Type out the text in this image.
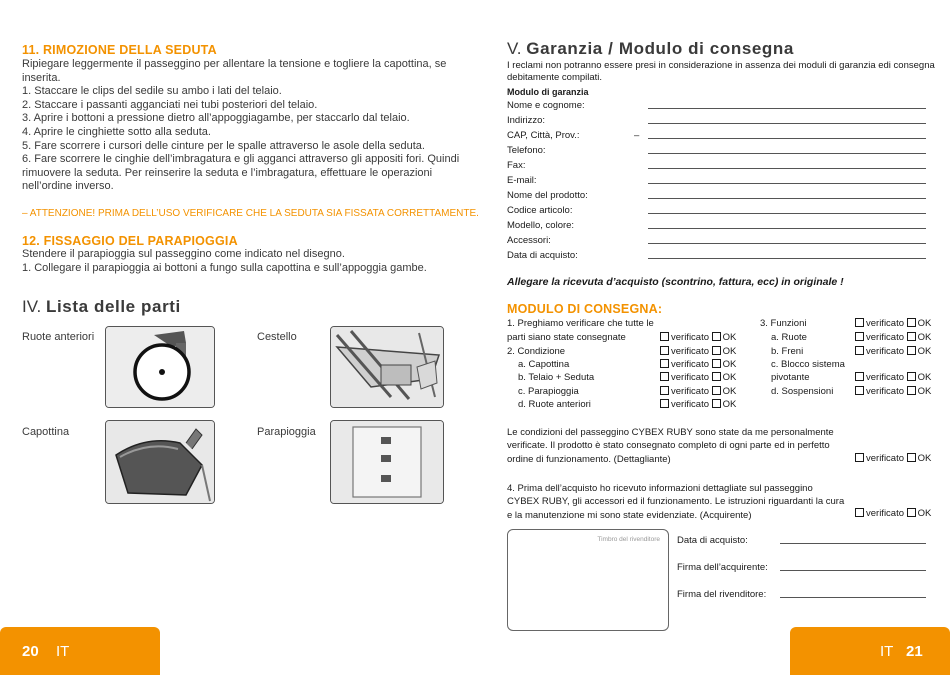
11. RIMOZIONE DELLA SEDUTA
Ripiegare leggermente il passeggino per allentare la tensione e togliere la capottina, se
inserita.
1. Staccare le clips del sedile su ambo i lati del telaio.
2. Staccare i passanti agganciati nei tubi posteriori del telaio.
3. Aprire i bottoni a pressione dietro all’appoggiagambe, per staccarlo dal telaio.
4. Aprire le cinghiette sotto alla seduta.
5. Fare scorrere i cursori delle cinture per le spalle attraverso le asole della seduta.
6. Fare scorrere le cinghie dell’imbragatura e gli agganci attraverso gli appositi fori. Quindi
rimuovere la seduta. Per reinserire la seduta e l’imbragatura, effettuare le operazioni
nell’ordine inverso.
– ATTENZIONE! PRIMA DELL’USO VERIFICARE CHE LA SEDUTA SIA FISSATA CORRETTAMENTE.
12. FISSAGGIO DEL PARAPIOGGIA
Stendere il parapioggia sul passeggino come indicato nel disegno.
1. Collegare il parapioggia ai bottoni a fungo sulla capottina e sull’appoggia gambe.
IV. Lista delle parti
Ruote anteriori	Cestello
Capottina	Parapioggia
20 IT
V. Garanzia / Modulo di consegna
I reclami non potranno essere presi in considerazione in assenza dei moduli di garanzia edi consegna
debitamente compilati.
Modulo di garanzia
Nome e cognome:
Indirizzo:
CAP, Città, Prov.:	–
Telefono:
Fax:
E-mail:
Nome del prodotto:
Codice articolo:
Modello, colore:
Accessori:
Data di acquisto:
Allegare la ricevuta d’acquisto (scontrino, fattura, ecc) in originale !
MODULO DI CONSEGNA:
1. Preghiamo verificare che tutte le
parti siano state consegnate	verificato OK
2. Condizione	verificato OK
a. Capottina	verificato OK
b. Telaio + Seduta	verificato OK
c. Parapioggia	verificato OK
d. Ruote anteriori	verificato OK
3. Funzioni	verificato OK
a. Ruote	verificato OK
b. Freni	verificato OK
c. Blocco sistema
pivotante	verificato OK
d. Sospensioni	verificato OK
Le condizioni del passeggino CYBEX RUBY sono state da me personalmente
verificate. Il prodotto è stato consegnato completo di ogni parte ed in perfetto
ordine di funzionamento. (Dettagliante)	verificato OK
4. Prima dell’acquisto ho ricevuto informazioni dettagliate sul passeggino
CYBEX RUBY, gli accessori ed il funzionamento. Le istruzioni riguardanti la cura
e la manutenzione mi sono state evidenziate. (Acquirente)	verificato OK
Timbro del rivenditore Data di acquisto:
Firma dell’acquirente:
Firma del rivenditore:
IT 21
